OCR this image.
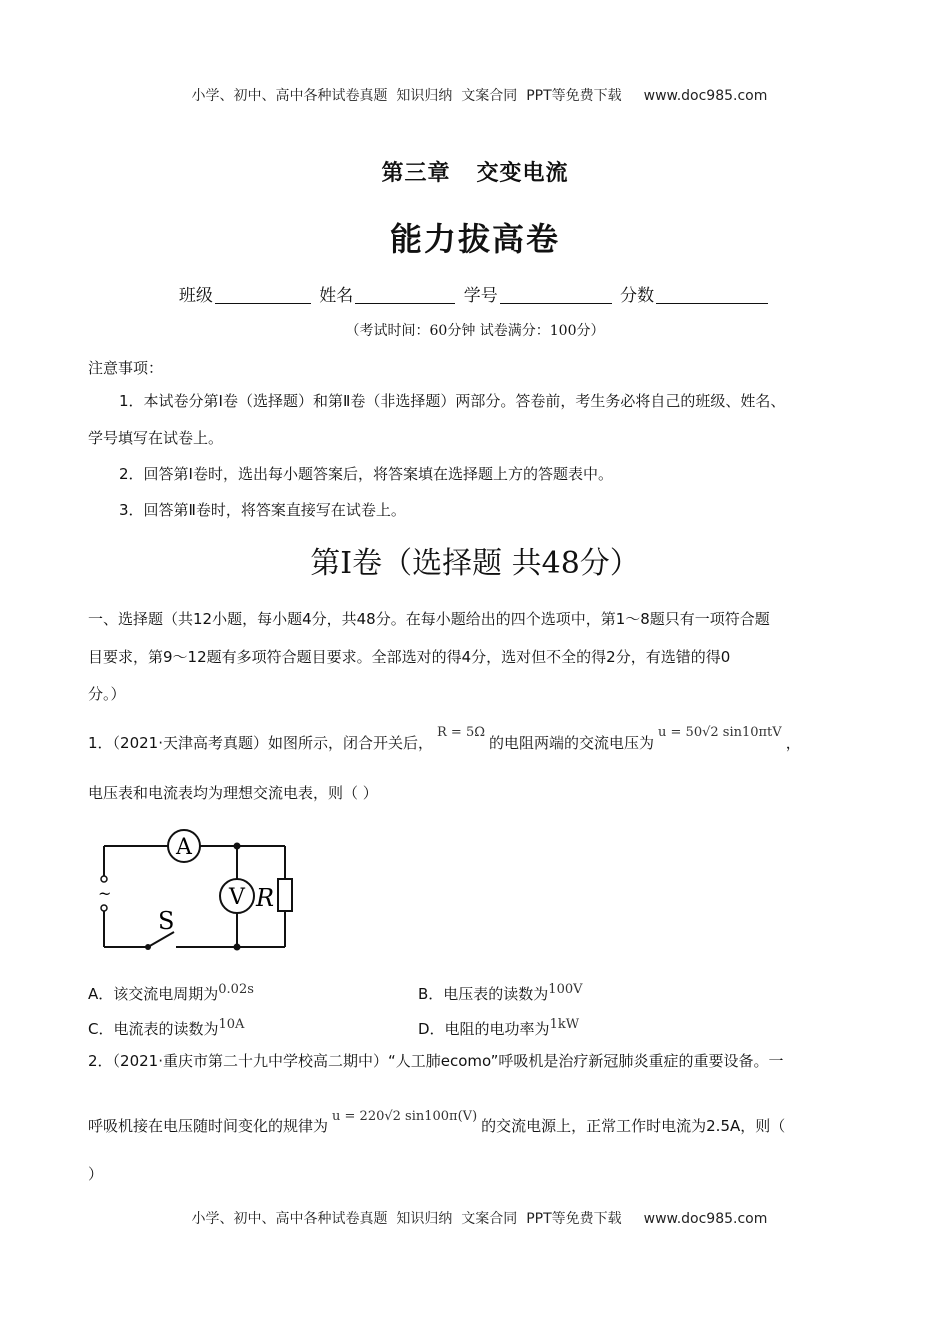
小学、初中、高中各种试卷真题  知识归纳  文案合同  PPT等免费下载 www.doc985.com

第三章 交变电流
能力拔高卷
班级	姓名	学号	分数
（考试时间：60分钟 试卷满分：100分）
注意事项：
1．本试卷分第Ⅰ卷（选择题）和第Ⅱ卷（非选择题）两部分。答卷前，考生务必将自己的班级、姓名、
学号填写在试卷上。
2．回答第Ⅰ卷时，选出每小题答案后，将答案填在选择题上方的答题表中。
3．回答第Ⅱ卷时，将答案直接写在试卷上。
第Ⅰ卷（选择题 共48分）
一、选择题（共12小题，每小题4分，共48分。在每小题给出的四个选项中，第1～8题只有一项符合题
目要求，第9～12题有多项符合题目要求。全部选对的得4分，选对但不全的得2分，有选错的得0
分。）
1．（2021·天津高考真题）如图所示，闭合开关后，R = 5Ω的电阻两端的交流电压为u = 50√2 sin10πtV，
电压表和电流表均为理想交流电表，则（ ）
A
V R
S
~
A．该交流电周期为0.02s	B．电压表的读数为100V
C．电流表的读数为10A	D．电阻的电功率为1kW
2．（2021·重庆市第二十九中学校高二期中）“人工肺ecomo”呼吸机是治疗新冠肺炎重症的重要设备。一
呼吸机接在电压随时间变化的规律为u = 220√2 sin100π(V)的交流电源上，正常工作时电流为2.5A，则（
）

小学、初中、高中各种试卷真题  知识归纳  文案合同  PPT等免费下载 www.doc985.com
